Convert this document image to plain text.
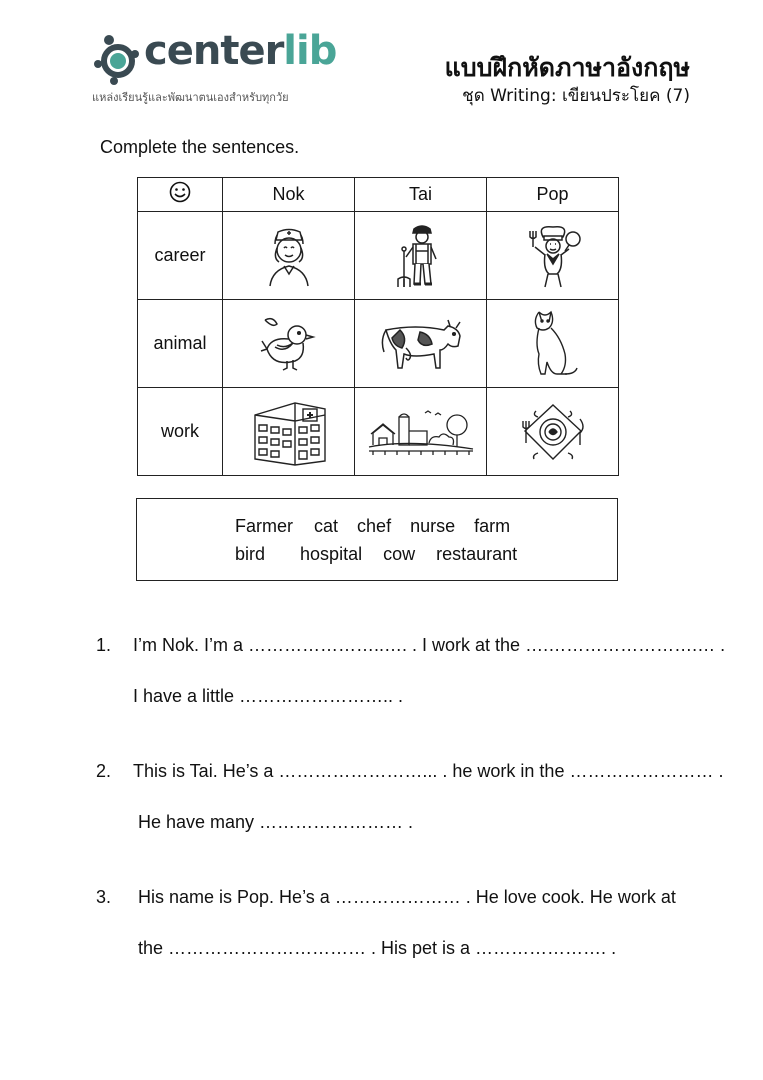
centerlib
แหล่งเรียนรู้และพัฒนาตนเองสำหรับทุกวัย
แบบฝึกหัดภาษาอังกฤษ
ชุด Writing: เขียนประโยค (7)
Complete the sentences.
	Nok	Tai	Pop
career	

animal	

work	

Farmer cat chef nurse farm
bird hospital cow restaurant
1. I’m Nok. I’m a …………………..…. . I work at the ….…………………….… .
I have a little …………………….. .
2. This is Tai. He’s a ……………………... . he work in the …………………… .
He have many …………………… .
3. His name is Pop. He’s a ………………… . He love cook. He work at
the …………………………… . His pet is a …………………. .
